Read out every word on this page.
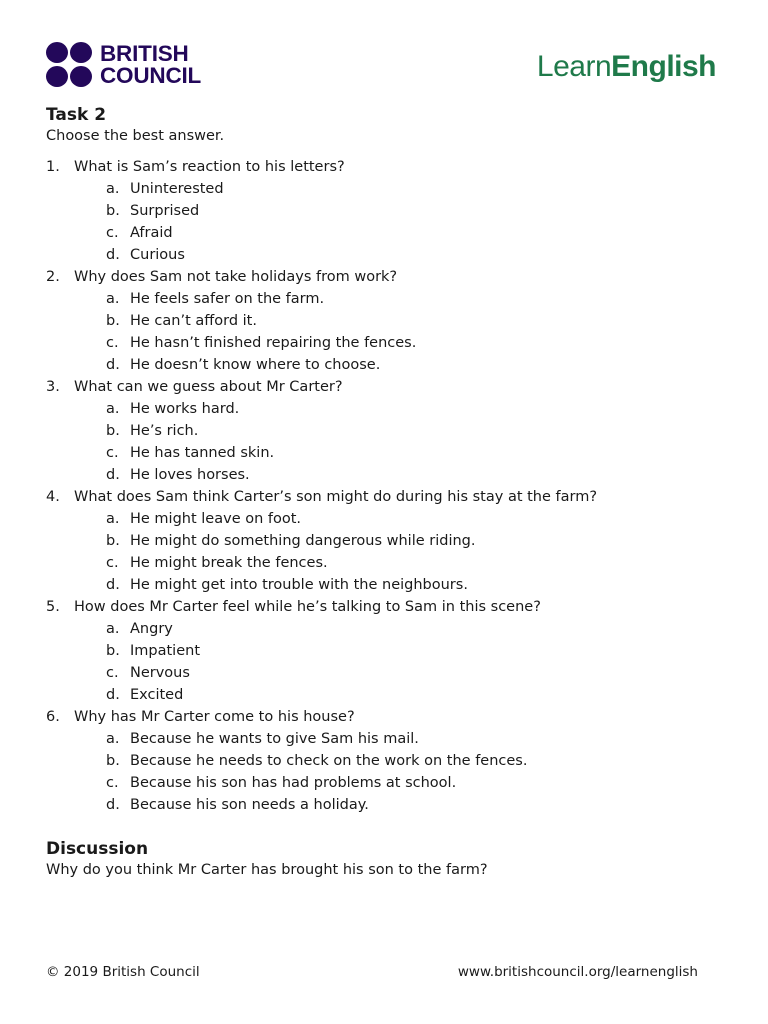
BRITISH
COUNCIL	LearnEnglish
Task 2

Choose the best answer.

1. What is Sam’s reaction to his letters?
a. Uninterested
b. Surprised
c. Afraid
d. Curious
2. Why does Sam not take holidays from work?
a. He feels safer on the farm.
b. He can’t afford it.
c. He hasn’t finished repairing the fences.
d. He doesn’t know where to choose.
3. What can we guess about Mr Carter?
a. He works hard.
b. He’s rich.
c. He has tanned skin.
d. He loves horses.
4. What does Sam think Carter’s son might do during his stay at the farm?
a. He might leave on foot.
b. He might do something dangerous while riding.
c. He might break the fences.
d. He might get into trouble with the neighbours.
5. How does Mr Carter feel while he’s talking to Sam in this scene?
a. Angry
b. Impatient
c. Nervous
d. Excited
6. Why has Mr Carter come to his house?
a. Because he wants to give Sam his mail.
b. Because he needs to check on the work on the fences.
c. Because his son has had problems at school.
d. Because his son needs a holiday.
Discussion

Why do you think Mr Carter has brought his son to the farm?

© 2019 British Council	www.britishcouncil.org/learnenglish
